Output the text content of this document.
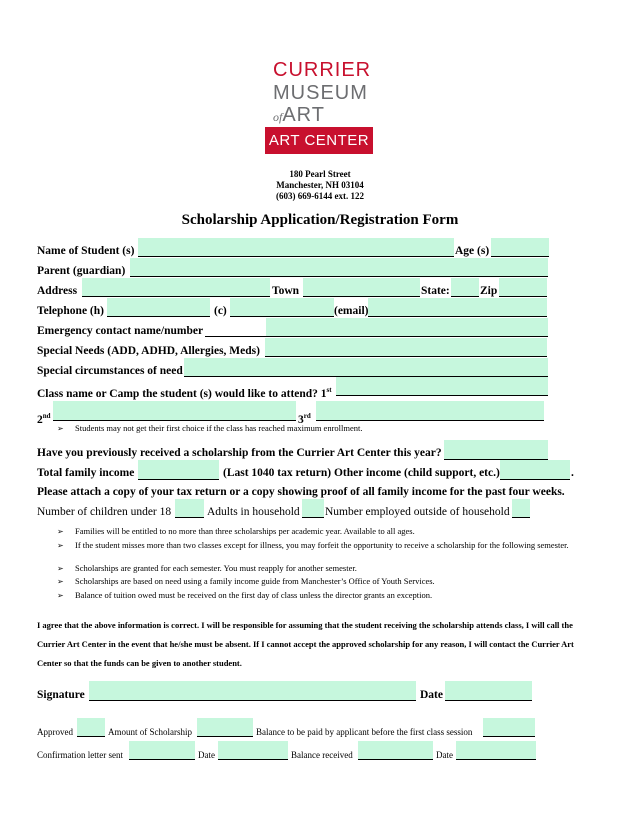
CURRIER
MUSEUM
ofART
ART CENTER
180 Pearl Street
Manchester, NH 03104
(603) 669-6144 ext. 122
Scholarship Application/Registration Form
Name of Student (s)	Age (s)
Parent (guardian)
Address	Town	State:	Zip
Telephone (h)	(c)	(email)
Emergency contact name/number
Special Needs (ADD, ADHD, Allergies, Meds)
Special circumstances of need
Class name or Camp the student (s) would like to attend? 1st
2nd	3rd
➢ Students may not get their first choice if the class has reached maximum enrollment.
Have you previously received a scholarship from the Currier Art Center this year?
Total family income	(Last 1040 tax return) Other income (child support, etc.)	.
Please attach a copy of your tax return or a copy showing proof of all family income for the past four weeks.
Number of children under 18	Adults in household Number employed outside of household
➢ Families will be entitled to no more than three scholarships per academic year. Available to all ages.
➢ If the student misses more than two classes except for illness, you may forfeit the opportunity to receive a scholarship for the following semester.
➢ Scholarships are granted for each semester. You must reapply for another semester.
➢ Scholarships are based on need using a family income guide from Manchester’s Office of Youth Services.
➢ Balance of tuition owed must be received on the first day of class unless the director grants an exception.
I agree that the above information is correct. I will be responsible for assuming that the student receiving the scholarship attends class, I will call the Currier Art Center in the event that he/she must be absent. If I cannot accept the approved scholarship for any reason, I will contact the Currier Art Center so that the funds can be given to another student.
Signature	Date
Approved	Amount of Scholarship	Balance to be paid by applicant before the first class session
Confirmation letter sent	Date	Balance received	Date
